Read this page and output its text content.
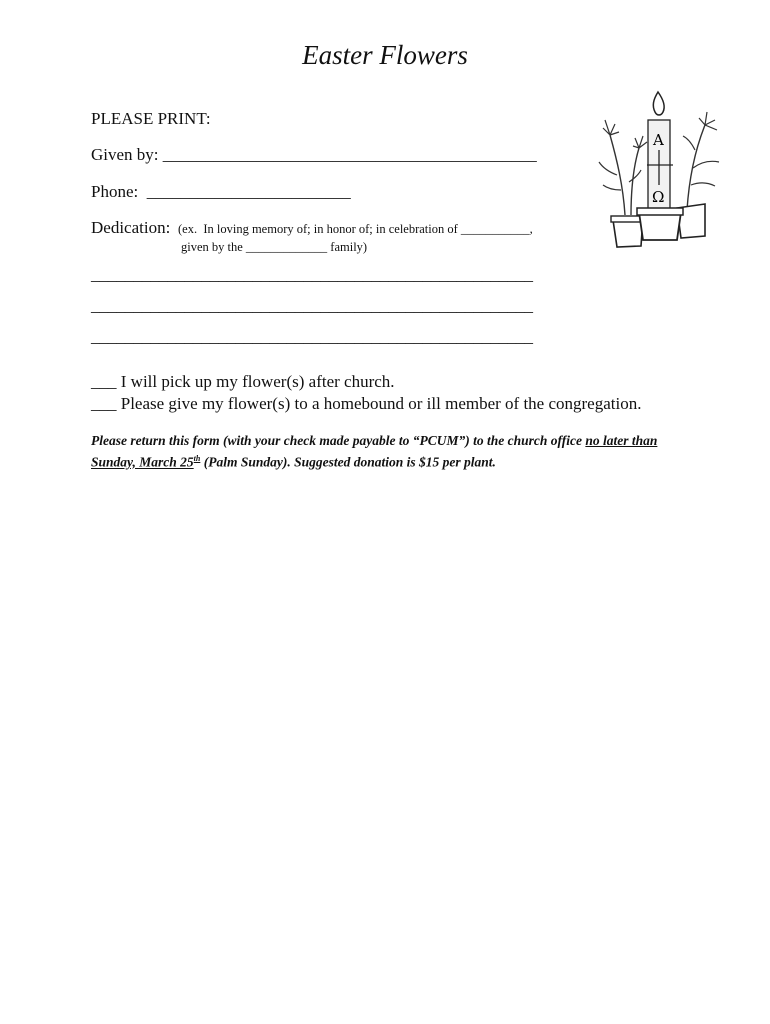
Easter Flowers
PLEASE PRINT:
Given by: ____________________________________________
Phone:  ________________________
Dedication: (ex.  In loving memory of; in honor of; in celebration of ___________,
given by the _____________ family)
____________________________________________________
____________________________________________________
____________________________________________________
___ I will pick up my flower(s) after church.
___ Please give my flower(s) to a homebound or ill member of the congregation.
Please return this form (with your check made payable to “PCUM”) to the church office no later than Sunday, March 25th (Palm Sunday). Suggested donation is $15 per plant.
A
Ω
